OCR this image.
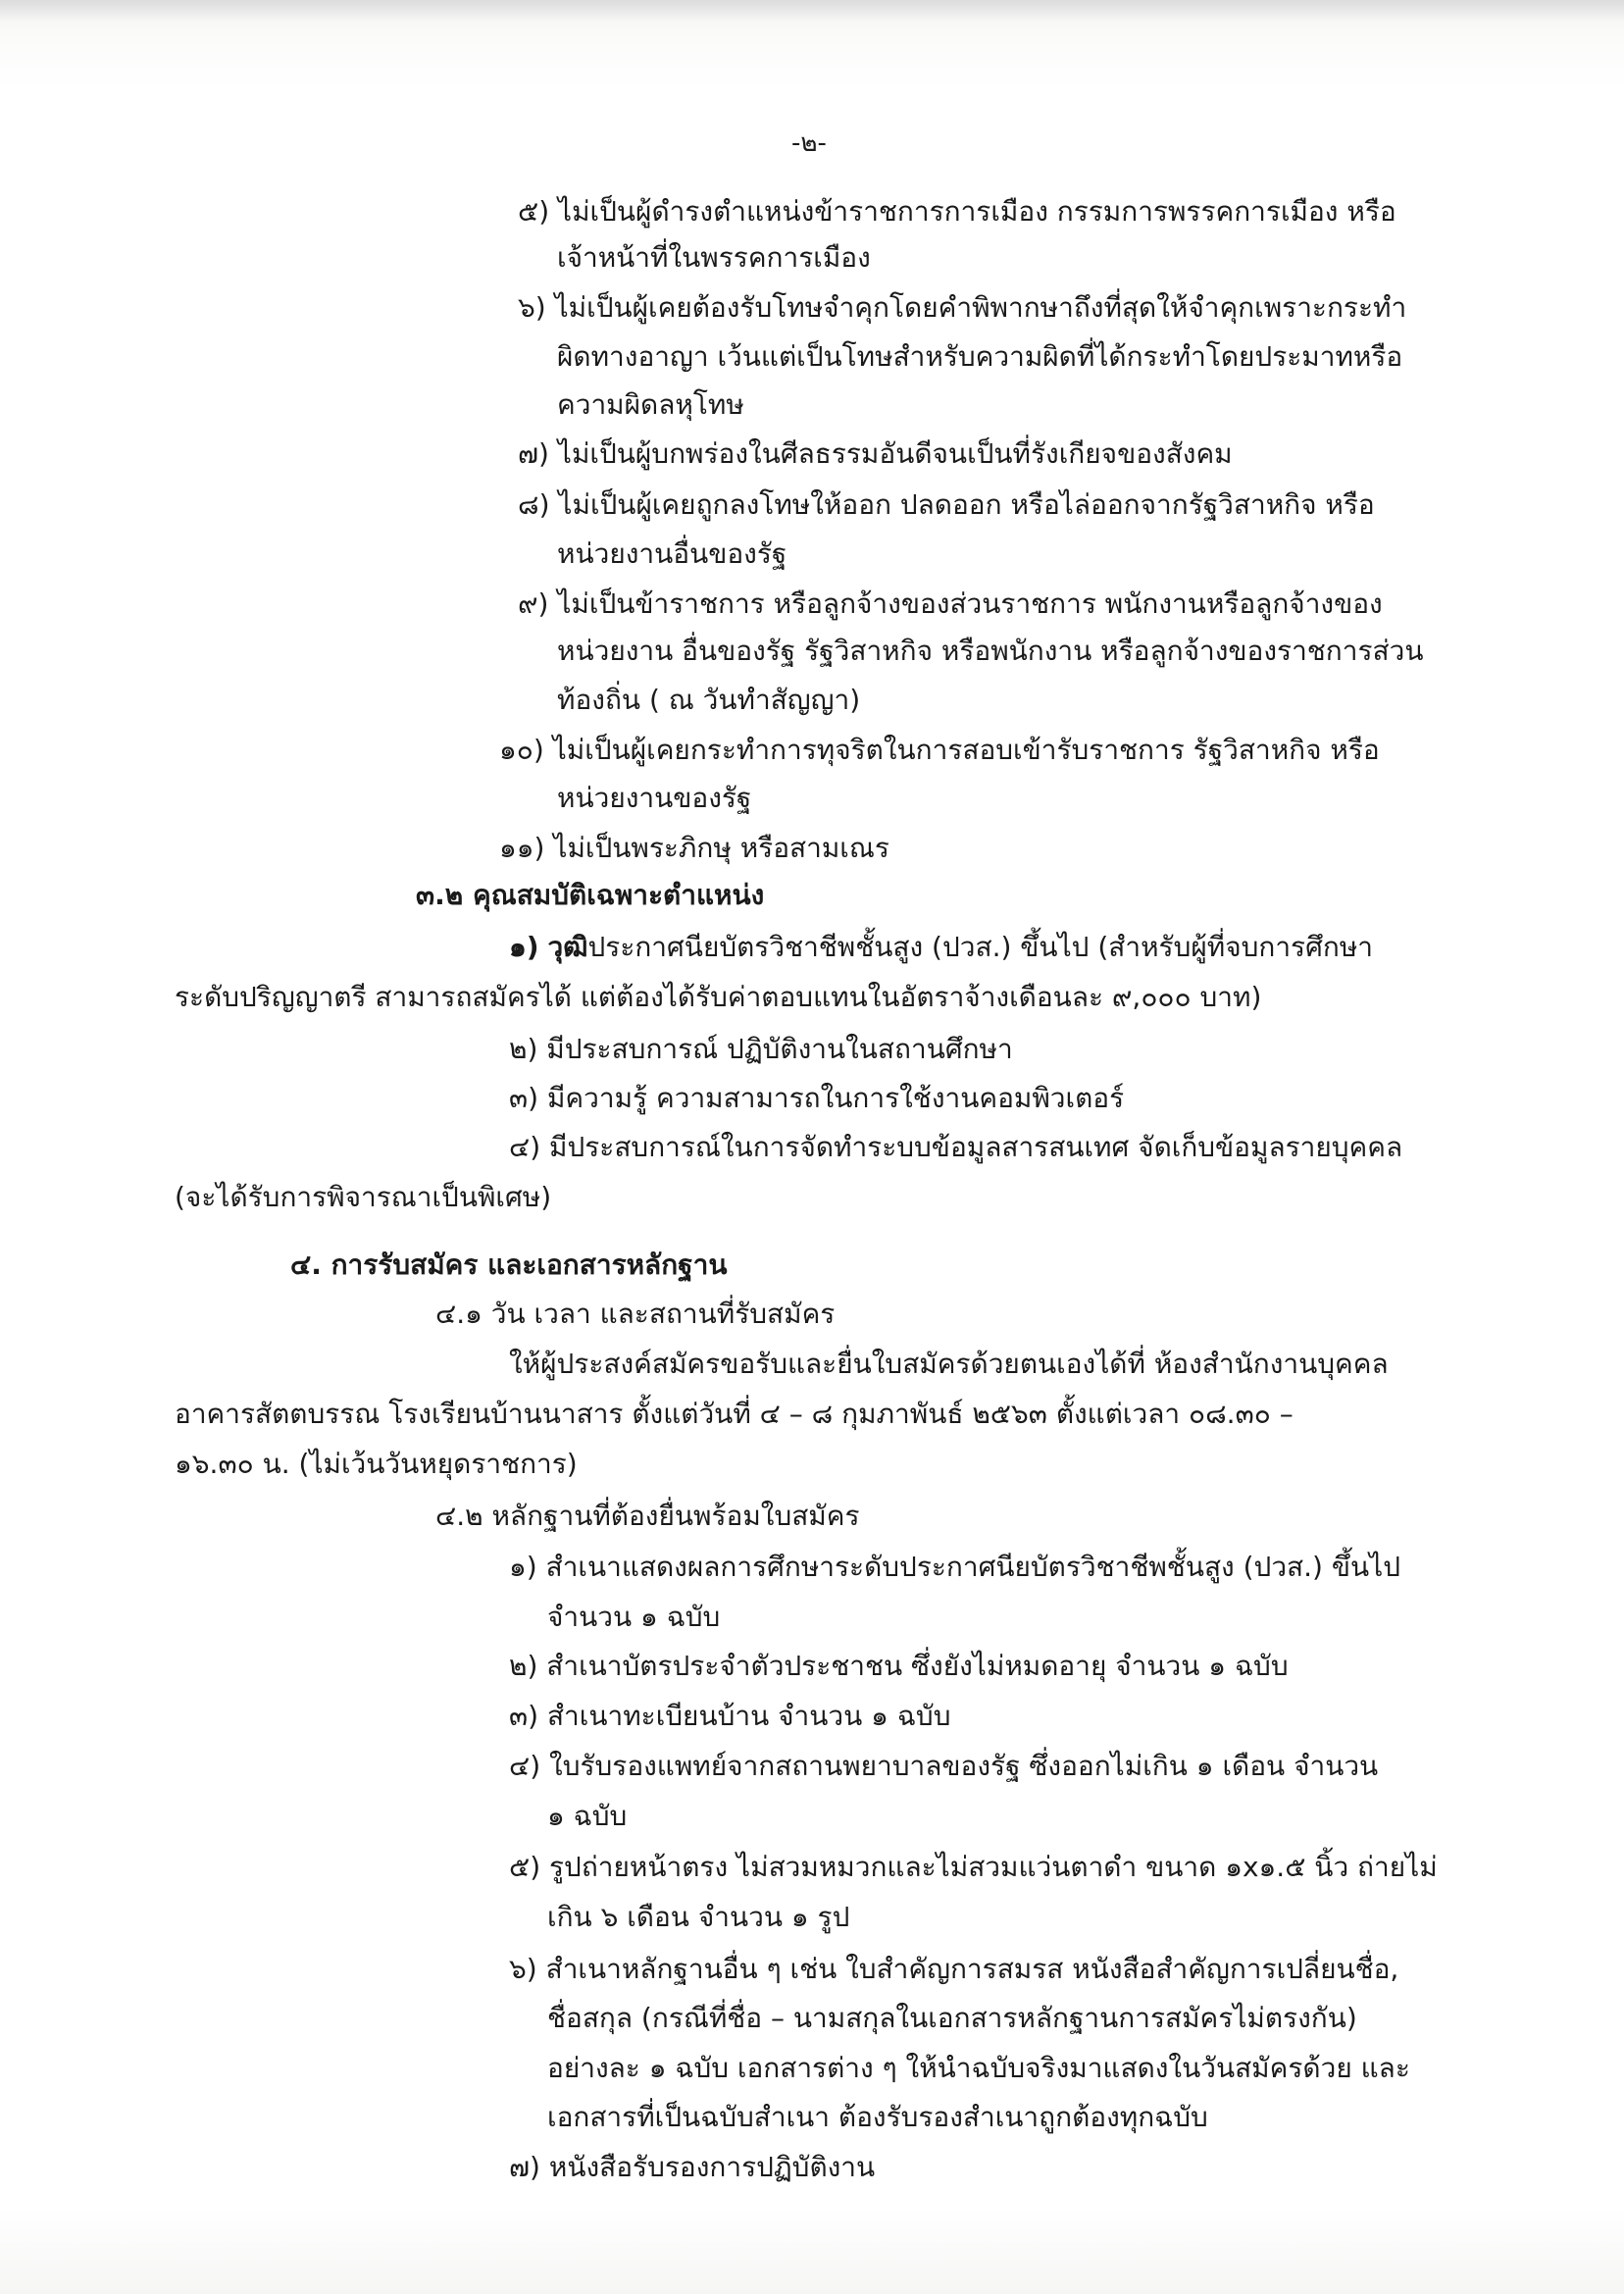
-๒-
๕) ไม่เป็นผู้ดำรงตำแหน่งข้าราชการการเมือง กรรมการพรรคการเมือง หรือ
เจ้าหน้าที่ในพรรคการเมือง
๖) ไม่เป็นผู้เคยต้องรับโทษจำคุกโดยคำพิพากษาถึงที่สุดให้จำคุกเพราะกระทำ
ผิดทางอาญา เว้นแต่เป็นโทษสำหรับความผิดที่ได้กระทำโดยประมาทหรือ
ความผิดลหุโทษ
๗) ไม่เป็นผู้บกพร่องในศีลธรรมอันดีจนเป็นที่รังเกียจของสังคม
๘) ไม่เป็นผู้เคยถูกลงโทษให้ออก ปลดออก หรือไล่ออกจากรัฐวิสาหกิจ หรือ
หน่วยงานอื่นของรัฐ
๙) ไม่เป็นข้าราชการ หรือลูกจ้างของส่วนราชการ พนักงานหรือลูกจ้างของ
หน่วยงาน อื่นของรัฐ รัฐวิสาหกิจ หรือพนักงาน หรือลูกจ้างของราชการส่วน
ท้องถิ่น ( ณ วันทำสัญญา)
๑๐) ไม่เป็นผู้เคยกระทำการทุจริตในการสอบเข้ารับราชการ รัฐวิสาหกิจ หรือ
หน่วยงานของรัฐ
๑๑) ไม่เป็นพระภิกษุ หรือสามเณร
๓.๒ คุณสมบัติเฉพาะตำแหน่ง
๑) วุฒิประกาศนียบัตรวิชาชีพชั้นสูง (ปวส.) ขึ้นไป (สำหรับผู้ที่จบการศึกษา
ระดับปริญญาตรี สามารถสมัครได้ แต่ต้องได้รับค่าตอบแทนในอัตราจ้างเดือนละ ๙,๐๐๐ บาท)
๒) มีประสบการณ์ ปฏิบัติงานในสถานศึกษา
๓) มีความรู้ ความสามารถในการใช้งานคอมพิวเตอร์
๔) มีประสบการณ์ในการจัดทำระบบข้อมูลสารสนเทศ จัดเก็บข้อมูลรายบุคคล
(จะได้รับการพิจารณาเป็นพิเศษ)
๔. การรับสมัคร และเอกสารหลักฐาน
๔.๑ วัน เวลา และสถานที่รับสมัคร
ให้ผู้ประสงค์สมัครขอรับและยื่นใบสมัครด้วยตนเองได้ที่ ห้องสำนักงานบุคคล
อาคารสัตตบรรณ โรงเรียนบ้านนาสาร ตั้งแต่วันที่ ๔ – ๘ กุมภาพันธ์ ๒๕๖๓ ตั้งแต่เวลา ๐๘.๓๐ –
๑๖.๓๐ น. (ไม่เว้นวันหยุดราชการ)
๔.๒ หลักฐานที่ต้องยื่นพร้อมใบสมัคร
๑) สำเนาแสดงผลการศึกษาระดับประกาศนียบัตรวิชาชีพชั้นสูง (ปวส.) ขึ้นไป
จำนวน ๑ ฉบับ
๒) สำเนาบัตรประจำตัวประชาชน ซึ่งยังไม่หมดอายุ จำนวน ๑ ฉบับ
๓) สำเนาทะเบียนบ้าน จำนวน ๑ ฉบับ
๔) ใบรับรองแพทย์จากสถานพยาบาลของรัฐ ซึ่งออกไม่เกิน ๑ เดือน จำนวน
๑ ฉบับ
๕) รูปถ่ายหน้าตรง ไม่สวมหมวกและไม่สวมแว่นตาดำ ขนาด ๑x๑.๕ นิ้ว ถ่ายไม่
เกิน ๖ เดือน จำนวน ๑ รูป
๖) สำเนาหลักฐานอื่น ๆ เช่น ใบสำคัญการสมรส หนังสือสำคัญการเปลี่ยนชื่อ,
ชื่อสกุล (กรณีที่ชื่อ – นามสกุลในเอกสารหลักฐานการสมัครไม่ตรงกัน)
อย่างละ ๑ ฉบับ เอกสารต่าง ๆ ให้นำฉบับจริงมาแสดงในวันสมัครด้วย และ
เอกสารที่เป็นฉบับสำเนา ต้องรับรองสำเนาถูกต้องทุกฉบับ
๗) หนังสือรับรองการปฏิบัติงาน
